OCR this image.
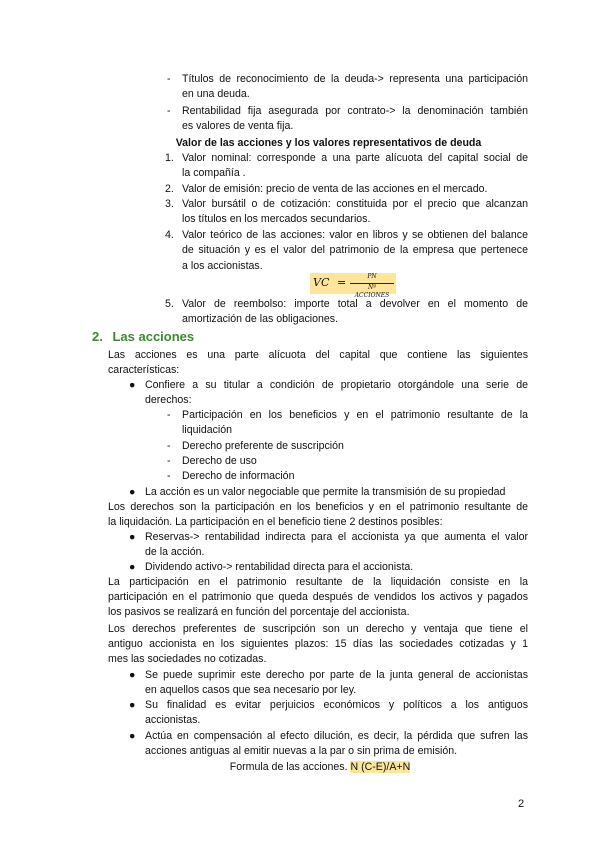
- Títulos de reconocimiento de la deuda-> representa una participación
en una deuda.
- Rentabilidad fija asegurada por contrato-> la denominación también
es valores de venta fija.
Valor de las acciones y los valores representativos de deuda
1. Valor nominal: corresponde a una parte alícuota del capital social de
la compañía .
2. Valor de emisión: precio de venta de las acciones en el mercado.
3. Valor bursátil o de cotización: constituida por el precio que alcanzan
los títulos en los mercados secundarios.
4. Valor teórico de las acciones: valor en libros y se obtienen del balance
de situación y es el valor del patrimonio de la empresa que pertenece
a los accionistas.
VC =	PN
Nº ACCIONES
5. Valor de reembolso: importe total a devolver en el momento de
amortización de las obligaciones.
2. Las acciones
Las acciones es una parte alícuota del capital que contiene las siguientes
características:
● Confiere a su titular a condición de propietario otorgándole una serie de
derechos:
- Participación en los beneficios y en el patrimonio resultante de la
liquidación
- Derecho preferente de suscripción
- Derecho de uso
- Derecho de información
● La acción es un valor negociable que permite la transmisión de su propiedad
Los derechos son la participación en los beneficios y en el patrimonio resultante de
la liquidación. La participación en el beneficio tiene 2 destinos posibles:
● Reservas-> rentabilidad indirecta para el accionista ya que aumenta el valor
de la acción.
● Dividendo activo-> rentabilidad directa para el accionista.
La participación en el patrimonio resultante de la liquidación consiste en la
participación en el patrimonio que queda después de vendidos los activos y pagados
los pasivos se realizará en función del porcentaje del accionista.
Los derechos preferentes de suscripción son un derecho y ventaja que tiene el
antiguo accionista en los siguientes plazos: 15 días las sociedades cotizadas y 1
mes las sociedades no cotizadas.
● Se puede suprimir este derecho por parte de la junta general de accionistas
en aquellos casos que sea necesario por ley.
● Su finalidad es evitar perjuicios económicos y políticos a los antiguos
accionistas.
● Actúa en compensación al efecto dilución, es decir, la pérdida que sufren las
acciones antiguas al emitir nuevas a la par o sin prima de emisión.
Formula de las acciones. N (C-E)/A+N
2
